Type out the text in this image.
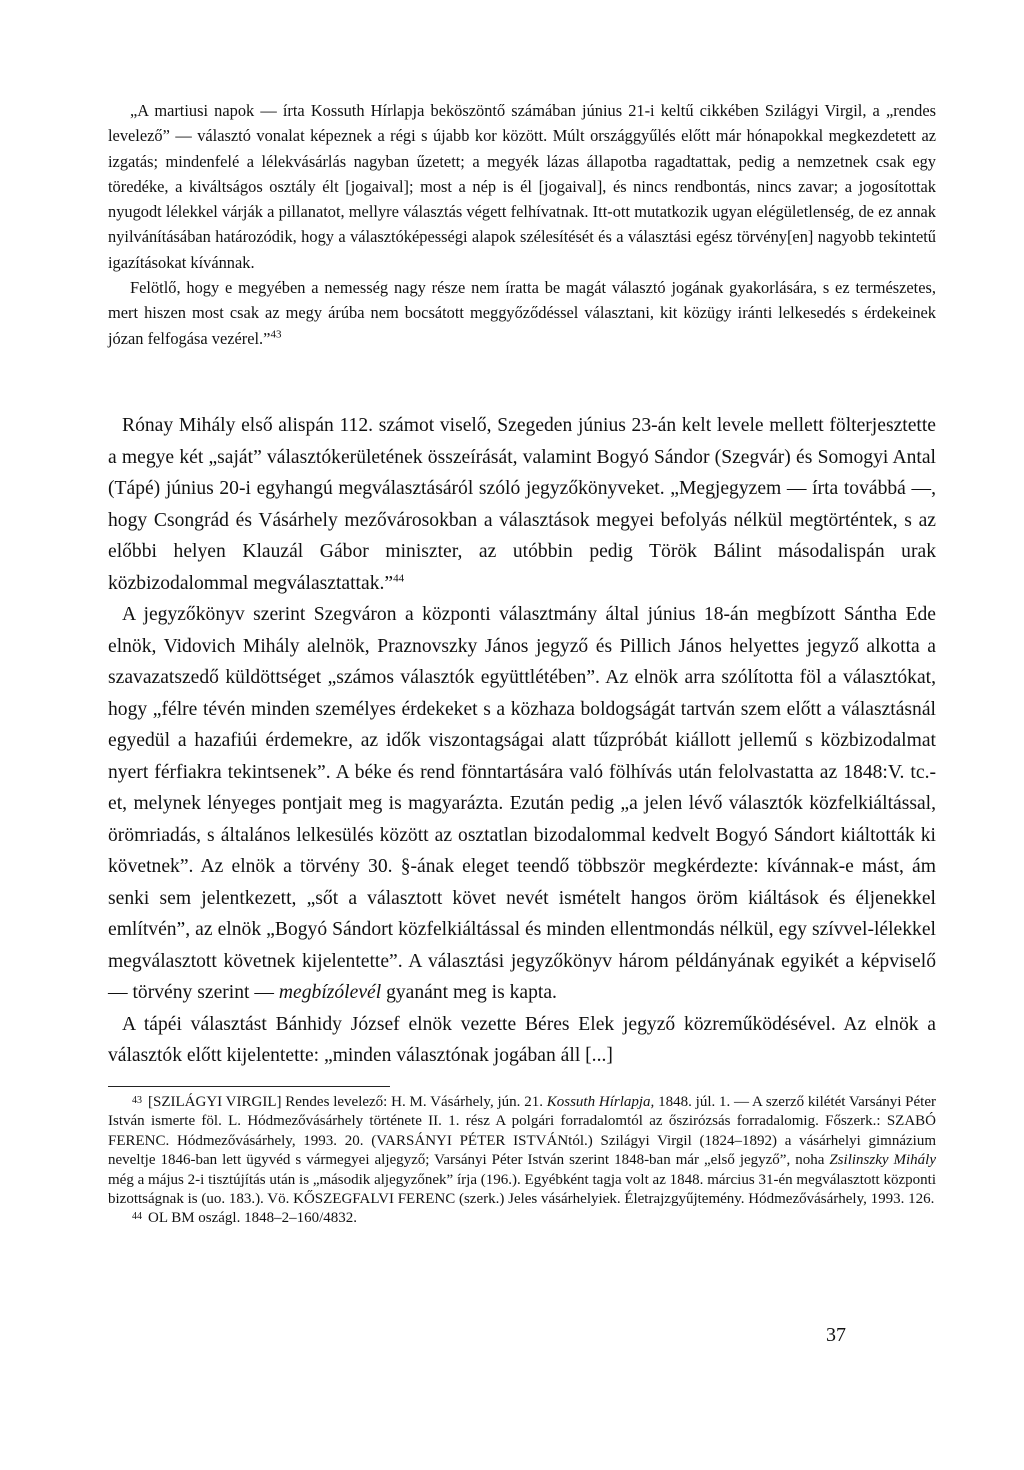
„A martiusi napok — írta Kossuth Hírlapja beköszöntő számában június 21-i keltű cikkében Szilágyi Virgil, a „rendes levelező” — választó vonalat képeznek a régi s újabb kor között. Múlt országgyűlés előtt már hónapokkal megkezdetett az izgatás; mindenfelé a lélekvásárlás nagyban űzetett; a megyék lázas állapotba ragadtattak, pedig a nemzetnek csak egy töredéke, a kiváltságos osztály élt [jogaival]; most a nép is él [jogaival], és nincs rendbontás, nincs zavar; a jogosítottak nyugodt lélekkel várják a pillanatot, mellyre választás végett felhívatnak. Itt-ott mutatkozik ugyan elégületlenség, de ez annak nyilvánításában határozódik, hogy a választóképességi alapok szélesítését és a választási egész törvény[en] nagyobb tekintetű igazításokat kívánnak.

Felötlő, hogy e megyében a nemesség nagy része nem íratta be magát választó jogának gyakorlására, s ez természetes, mert hiszen most csak az megy árúba nem bocsátott meggyőződéssel választani, kit közügy iránti lelkesedés s érdekeinek józan felfogása vezérel.”$^{43}$

Rónay Mihály első alispán 112. számot viselő, Szegeden június 23-án kelt levele mellett fölterjesztette a megye két „saját” választókerületének összeírását, valamint Bogyó Sándor (Szegvár) és Somogyi Antal (Tápé) június 20-i egyhangú megválasztásáról szóló jegyzőkönyveket. „Megjegyzem — írta továbbá —, hogy Csongrád és Vásárhely mezővárosokban a választások megyei befolyás nélkül megtörténtek, s az előbbi helyen Klauzál Gábor miniszter, az utóbbin pedig Török Bálint másodalispán urak közbizodalommal megválasztattak.”$^{44}$

A jegyzőkönyv szerint Szegváron a központi választmány által június 18-án megbízott Sántha Ede elnök, Vidovich Mihály alelnök, Praznovszky János jegyző és Pillich János helyettes jegyző alkotta a szavazatszedő küldöttséget „számos választók együttlétében”. Az elnök arra szólította föl a választókat, hogy „félre tévén minden személyes érdekeket s a közhaza boldogságát tartván szem előtt a választásnál egyedül a hazafiúi érdemekre, az idők viszontagságai alatt tűzpróbát kiállott jellemű s közbizodalmat nyert férfiakra tekintsenek”. A béke és rend fönntartására való fölhívás után felolvastatta az 1848:V. tc.-et, melynek lényeges pontjait meg is magyarázta. Ezután pedig „a jelen lévő választók közfelkiáltással, örömriadás, s általános lelkesülés között az osztatlan bizodalommal kedvelt Bogyó Sándort kiáltották ki követnek”. Az elnök a törvény 30. §-ának eleget teendő többször megkérdezte: kívánnak-e mást, ám senki sem jelentkezett, „sőt a választott követ nevét ismételt hangos öröm kiáltások és éljenekkel említvén”, az elnök „Bogyó Sándort közfelkiáltással és minden ellentmondás nélkül, egy szívvel-lélekkel megválasztott követnek kijelentette”. A választási jegyzőkönyv három példányának egyikét a képviselő — törvény szerint — megbízólevél gyanánt meg is kapta.

A tápéi választást Bánhidy József elnök vezette Béres Elek jegyző közreműködésével. Az elnök a választók előtt kijelentette: „minden választónak jogában áll [...]

$^{43}$ [SZILÁGYI VIRGIL] Rendes levelező: H. M. Vásárhely, jún. 21. Kossuth Hírlapja, 1848. júl. 1. — A szerző kilétét Varsányi Péter István ismerte föl. L. Hódmezővásárhely története II. 1. rész A polgári forradalomtól az őszirózsás forradalomig. Főszerk.: SZABÓ FERENC. Hódmezővásárhely, 1993. 20. (VARSÁNYI PÉTER ISTVÁNtól.) Szilágyi Virgil (1824–1892) a vásárhelyi gimnázium neveltje 1846-ban lett ügyvéd s vármegyei aljegyző; Varsányi Péter István szerint 1848-ban már „első jegyző”, noha Zsilinszky Mihály még a május 2-i tisztújítás után is „második aljegyzőnek” írja (196.). Egyébként tagja volt az 1848. március 31-én megválasztott központi bizottságnak is (uo. 183.). Vö. KŐSZEGFALVI FERENC (szerk.) Jeles vásárhelyiek. Életrajzgyűjtemény. Hódmezővásárhely, 1993. 126.

$^{44}$ OL BM oszágl. 1848–2–160/4832.

37
